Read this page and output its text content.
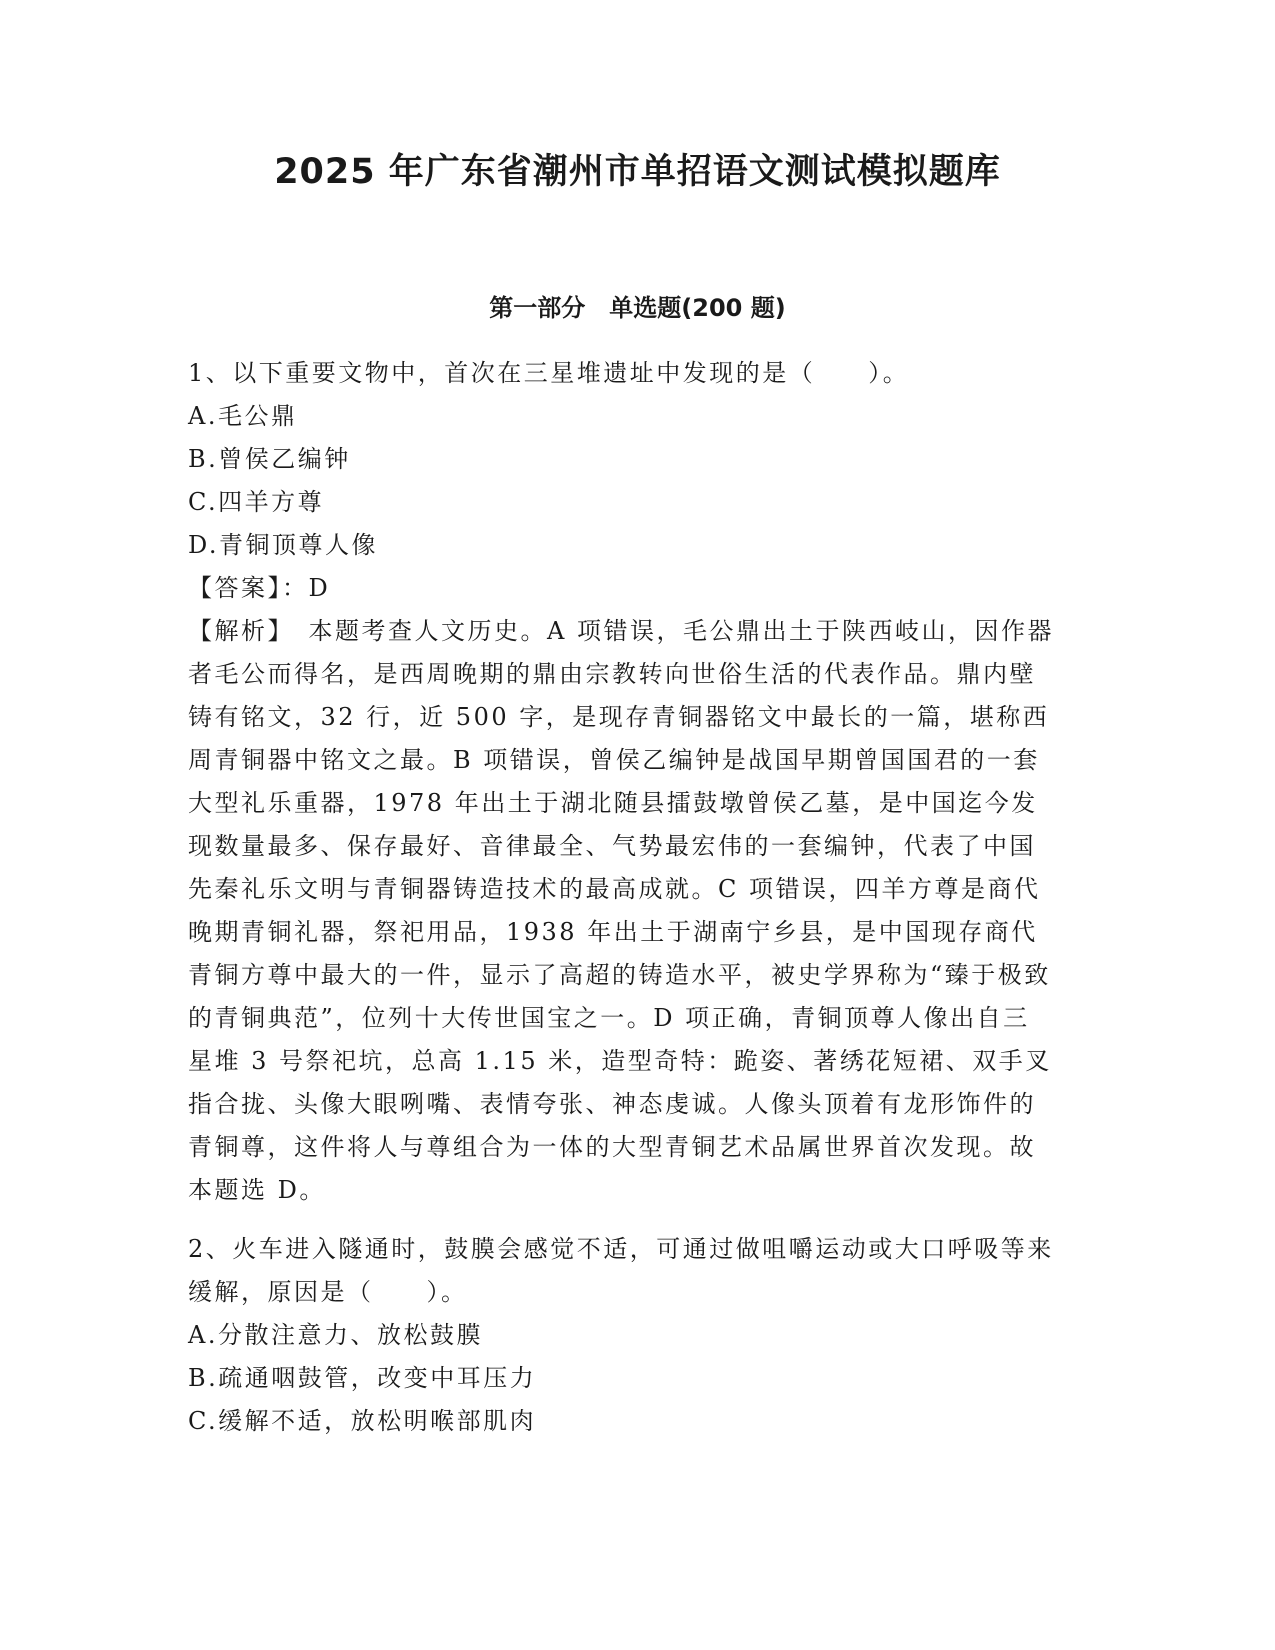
2025 年广东省潮州市单招语文测试模拟题库
第一部分　单选题(200 题)

1、以下重要文物中，首次在三星堆遗址中发现的是（　　）。

A.毛公鼎

B.曾侯乙编钟

C.四羊方尊

D.青铜顶尊人像

【答案】：D

【解析】　本题考查人文历史。A 项错误，毛公鼎出土于陕西岐山，因作器者毛公而得名，是西周晚期的鼎由宗教转向世俗生活的代表作品。鼎内壁铸有铭文，32 行，近 500 字，是现存青铜器铭文中最长的一篇，堪称西周青铜器中铭文之最。B 项错误，曾侯乙编钟是战国早期曾国国君的一套大型礼乐重器，1978 年出土于湖北随县擂鼓墩曾侯乙墓，是中国迄今发现数量最多、保存最好、音律最全、气势最宏伟的一套编钟，代表了中国先秦礼乐文明与青铜器铸造技术的最高成就。C 项错误，四羊方尊是商代晚期青铜礼器，祭祀用品，1938 年出土于湖南宁乡县，是中国现存商代青铜方尊中最大的一件，显示了高超的铸造水平，被史学界称为“臻于极致的青铜典范”，位列十大传世国宝之一。D 项正确，青铜顶尊人像出自三星堆 3 号祭祀坑，总高 1.15 米，造型奇特：跪姿、著绣花短裙、双手叉指合拢、头像大眼咧嘴、表情夸张、神态虔诚。人像头顶着有龙形饰件的青铜尊，这件将人与尊组合为一体的大型青铜艺术品属世界首次发现。故本题选 D。

2、火车进入隧通时，鼓膜会感觉不适，可通过做咀嚼运动或大口呼吸等来缓解，原因是（　　）。

A.分散注意力、放松鼓膜

B.疏通咽鼓管，改变中耳压力

C.缓解不适，放松明喉部肌肉
